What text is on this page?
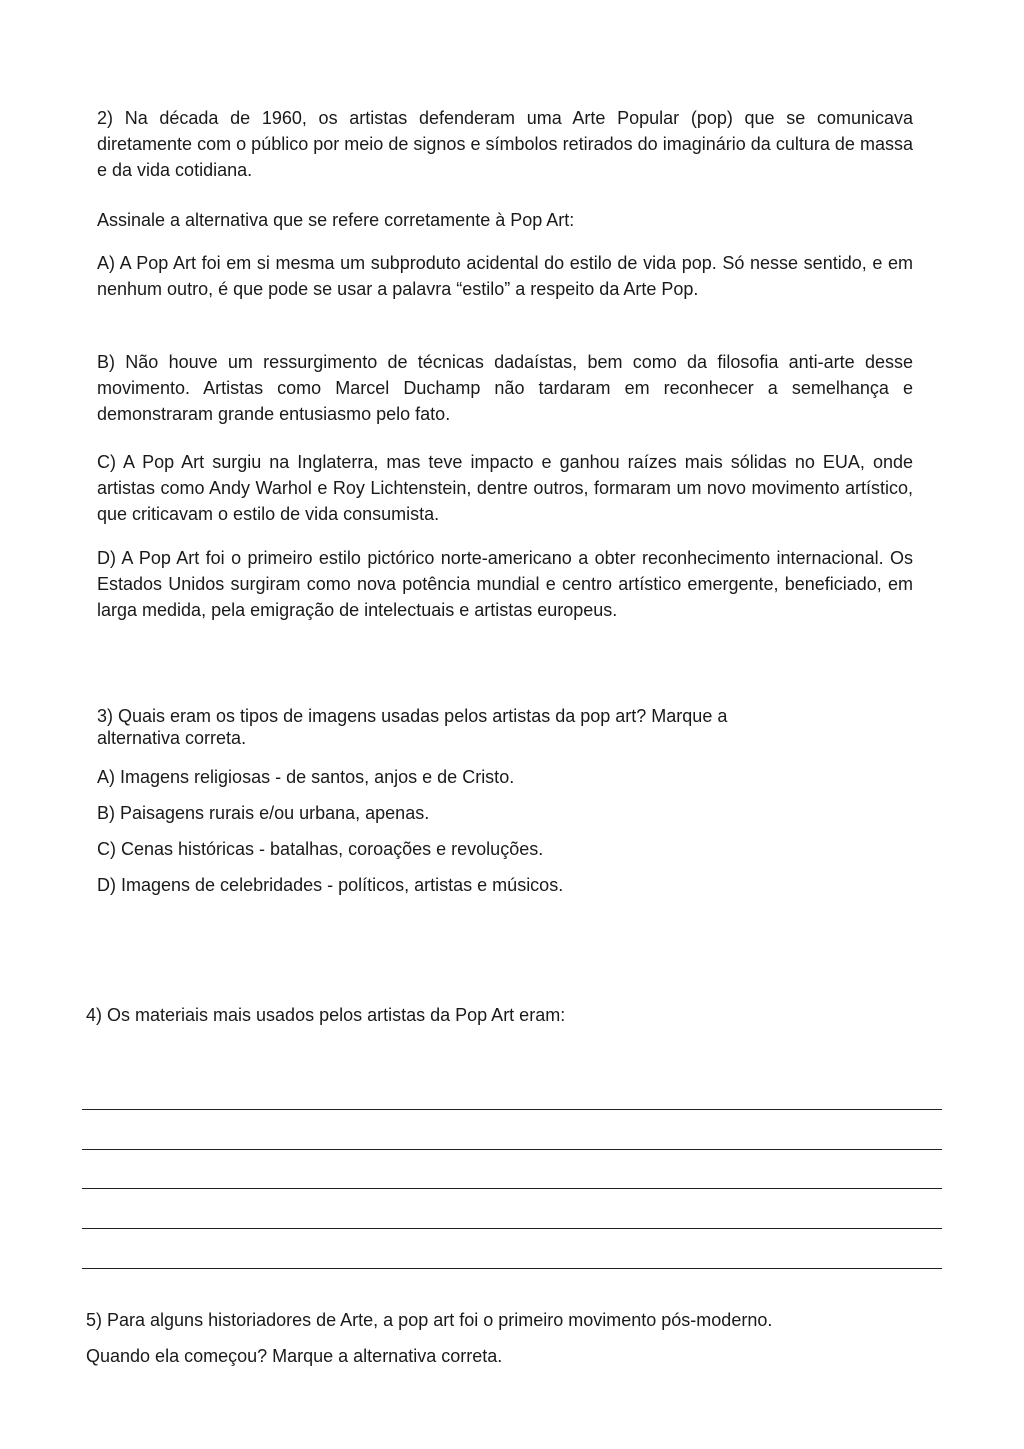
2) Na década de 1960, os artistas defenderam uma Arte Popular (pop) que se comunicava diretamente com o público por meio de signos e símbolos retirados do imaginário da cultura de massa e da vida cotidiana.
Assinale a alternativa que se refere corretamente à Pop Art:
A) A Pop Art foi em si mesma um subproduto acidental do estilo de vida pop. Só nesse sentido, e em nenhum outro, é que pode se usar a palavra “estilo” a respeito da Arte Pop.
B) Não houve um ressurgimento de técnicas dadaístas, bem como da filosofia anti-arte desse movimento. Artistas como Marcel Duchamp não tardaram em reconhecer a semelhança e demonstraram grande entusiasmo pelo fato.
C) A Pop Art surgiu na Inglaterra, mas teve impacto e ganhou raízes mais sólidas no EUA, onde artistas como Andy Warhol e Roy Lichtenstein, dentre outros, formaram um novo movimento artístico, que criticavam o estilo de vida consumista.
D) A Pop Art foi o primeiro estilo pictórico norte-americano a obter reconhecimento internacional. Os Estados Unidos surgiram como nova potência mundial e centro artístico emergente, beneficiado, em larga medida, pela emigração de intelectuais e artistas europeus.
3) Quais eram os tipos de imagens usadas pelos artistas da pop art? Marque a
alternativa correta.
A) Imagens religiosas - de santos, anjos e de Cristo.
B) Paisagens rurais e/ou urbana, apenas.
C) Cenas históricas - batalhas, coroações e revoluções.
D) Imagens de celebridades - políticos, artistas e músicos.
4) Os materiais mais usados pelos artistas da Pop Art eram:
5) Para alguns historiadores de Arte, a pop art foi o primeiro movimento pós-moderno.
Quando ela começou? Marque a alternativa correta.
